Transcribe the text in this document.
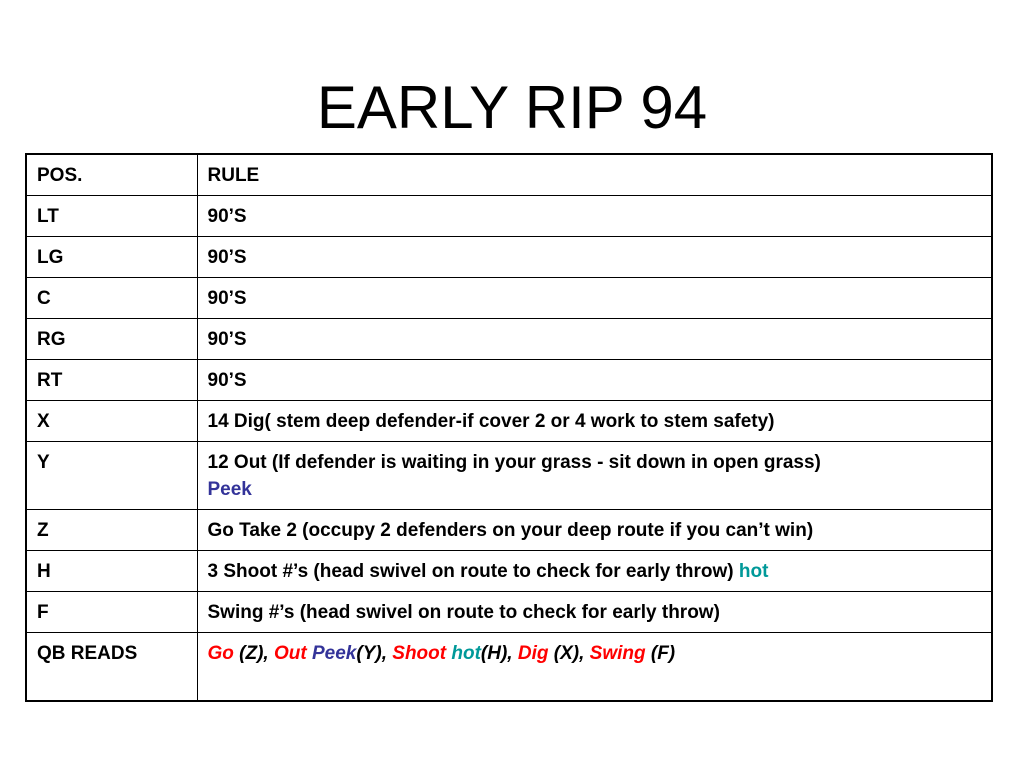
EARLY RIP 94
POS.	RULE
LT	90’S
LG	90’S
C	90’S
RG	90’S
RT	90’S
X	14 Dig( stem deep defender-if cover 2 or 4 work to stem safety)
Y	12 Out (If defender is waiting in your grass - sit down in open grass)
Peek
Z	Go Take 2 (occupy 2 defenders on your deep route if you can’t win)
H	3 Shoot #’s (head swivel on route to check for early throw) hot
F	Swing #’s (head swivel on route to check for early throw)
QB READS	Go (Z), Out Peek(Y), Shoot hot(H), Dig (X), Swing (F)
